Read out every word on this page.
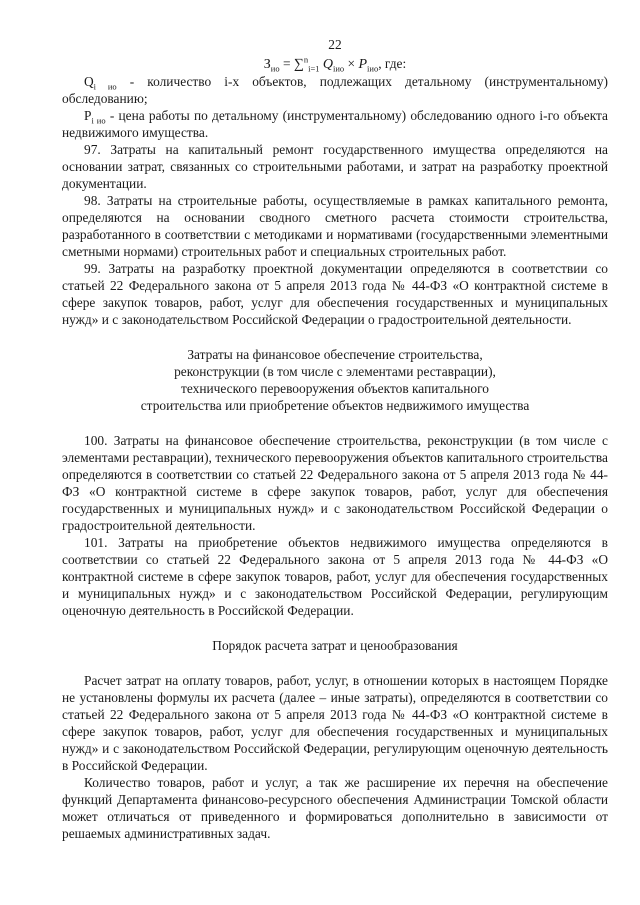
22

$З_{ио} = \sum^n_{i=1}$ $Q_{iио} \times P_{iио}$, где:

$Q_{i ио}$ - количество i-х объектов, подлежащих детальному (инструментальному) обследованию;

$P_{i ио}$ - цена работы по детальному (инструментальному) обследованию одного i-го объекта недвижимого имущества.

97. Затраты на капитальный ремонт государственного имущества определяются на основании затрат, связанных со строительными работами, и затрат на разработку проектной документации.

98. Затраты на строительные работы, осуществляемые в рамках капитального ремонта, определяются на основании сводного сметного расчета стоимости строительства, разработанного в соответствии с методиками и нормативами (государственными элементными сметными нормами) строительных работ и специальных строительных работ.

99. Затраты на разработку проектной документации определяются в соответствии со статьей 22 Федерального закона от 5 апреля 2013 года № 44-ФЗ «О контрактной системе в сфере закупок товаров, работ, услуг для обеспечения государственных и муниципальных нужд» и с законодательством Российской Федерации о градостроительной деятельности.

Затраты на финансовое обеспечение строительства,

реконструкции (в том числе с элементами реставрации),

технического перевооружения объектов капитального

строительства или приобретение объектов недвижимого имущества

100. Затраты на финансовое обеспечение строительства, реконструкции (в том числе с элементами реставрации), технического перевооружения объектов капитального строительства определяются в соответствии со статьей 22 Федерального закона от 5 апреля 2013 года № 44-ФЗ «О контрактной системе в сфере закупок товаров, работ, услуг для обеспечения государственных и муниципальных нужд» и с законодательством Российской Федерации о градостроительной деятельности.

101. Затраты на приобретение объектов недвижимого имущества определяются в соответствии со статьей 22 Федерального закона от 5 апреля 2013 года № 44-ФЗ «О контрактной системе в сфере закупок товаров, работ, услуг для обеспечения государственных и муниципальных нужд» и с законодательством Российской Федерации, регулирующим оценочную деятельность в Российской Федерации.

Порядок расчета затрат и ценообразования

Расчет затрат на оплату товаров, работ, услуг, в отношении которых в настоящем Порядке не установлены формулы их расчета (далее – иные затраты), определяются в соответствии со статьей 22 Федерального закона от 5 апреля 2013 года № 44-ФЗ «О контрактной системе в сфере закупок товаров, работ, услуг для обеспечения государственных и муниципальных нужд» и с законодательством Российской Федерации, регулирующим оценочную деятельность в Российской Федерации.

Количество товаров, работ и услуг, а так же расширение их перечня на обеспечение функций Департамента финансово-ресурсного обеспечения Администрации Томской области может отличаться от приведенного и формироваться дополнительно в зависимости от решаемых административных задач.
